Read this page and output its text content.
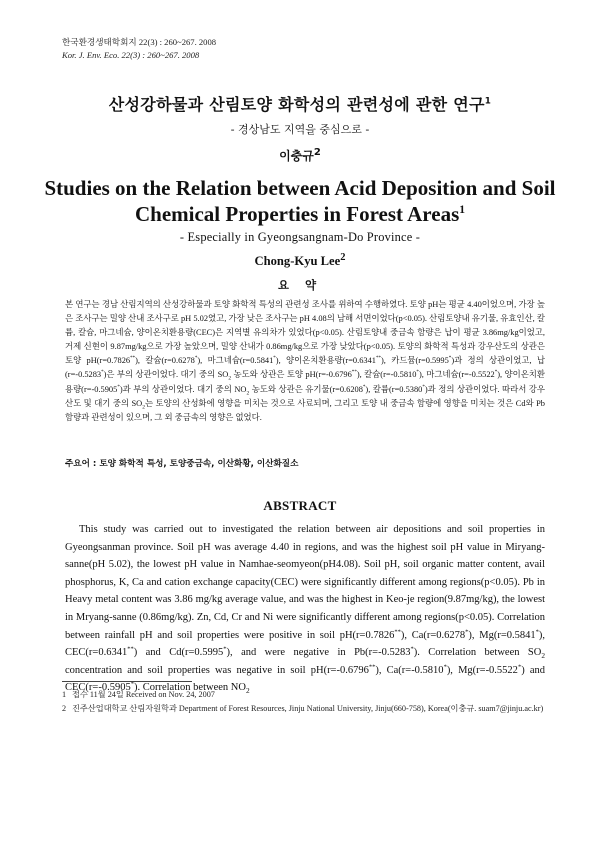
한국환경생태학회지 22(3) : 260~267. 2008
Kor. J. Env. Eco. 22(3) : 260~267. 2008
산성강하물과 산림토양 화학성의 관련성에 관한 연구$^1$
- 경상남도 지역을 중심으로 -
이충규$^2$
Studies on the Relation between Acid Deposition and Soil
Chemical Properties in Forest Areas$^1$
- Especially in Gyeongsangnam-Do Province -
Chong-Kyu Lee$^2$
요 약

본 연구는 경남 산림지역의 산성강하물과 토양 화학적 특성의 관련성 조사를 위하여 수행하였다. 토양 pH는 평균 4.40이었으며, 가장 높은 조사구는 밀양 산내 조사구로 pH 5.02였고, 가장 낮은 조사구는 pH 4.08의 남해 서면이었다(p<0.05). 산림토양내 유기물, 유효인산, 칼륨, 칼슘, 마그네슘, 양이온치환용량(CEC)은 지역별 유의차가 있었다(p<0.05). 산림토양내 중금속 함량은 납이 평균 3.86mg/kg이었고, 거제 신현이 9.87mg/kg으로 가장 높았으며, 밀양 산내가 0.86mg/kg으로 가장 낮았다(p<0.05). 토양의 화학적 특성과 강우산도의 상관은 토양 pH(r=0.7826**), 칼슘(r=0.6278*), 마그네슘(r=0.5841*), 양이온치환용량(r=0.6341**), 카드뮴(r=0.5995*)과 정의 상관이었고, 납(r=-0.5283*)은 부의 상관이었다. 대기 중의 $SO_2$ 농도와 상관은 토양 pH(r=-0.6796**), 칼슘(r=-0.5810*), 마그네슘(r=-0.5522*), 양이온치환용량(r=-0.5905*)과 부의 상관이었다. 대기 중의 $NO_2$ 농도와 상관은 유기물(r=0.6208*), 칼륨(r=0.5380*)과 정의 상관이었다. 따라서 강우산도 및 대기 중의 $SO_2$는 토양의 산성화에 영향을 미치는 것으로 사료되며, 그리고 토양 내 중금속 함량에 영향을 미치는 것은 Cd와 Pb함량과 관련성이 있으며, 그 외 중금속의 영향은 없었다.

주요어 : 토양 화학적 특성, 토양중금속, 이산화황, 이산화질소
ABSTRACT

This study was carried out to investigated the relation between air depositions and soil properties in Gyeongsanman province. Soil pH was average 4.40 in regions, and was the highest soil pH value in Miryang-sanne(pH 5.02), the lowest pH value in Namhae-seomyeon(pH4.08). Soil pH, soil organic matter content, avail phosphorus, K, Ca and cation exchange capacity(CEC) were significantly different among regions(p<0.05). Pb in Heavy metal content was 3.86 mg/kg average value, and was the highest in Keo-je region(9.87mg/kg), the lowest in Mryang-sanne (0.86mg/kg). Zn, Cd, Cr and Ni were significantly different among regions(p<0.05). Correlation between rainfall pH and soil properties were positive in soil pH(r=0.7826**), Ca(r=0.6278*), Mg(r=0.5841*), CEC(r=0.6341**) and Cd(r=0.5995*), and were negative in Pb(r=-0.5283*). Correlation between $SO_2$ concentration and soil properties was negative in soil pH(r=-0.6796**), Ca(r=-0.5810*), Mg(r=-0.5522*) and CEC(r=-0.5905*). Correlation between $NO_2$

1 접수 11월 24일 Received on Nov. 24, 2007
2 진주산업대학교 산림자원학과 Department of Forest Resources, Jinju National University, Jinju(660-758), Korea(이충규. suam7@jinju.ac.kr)
